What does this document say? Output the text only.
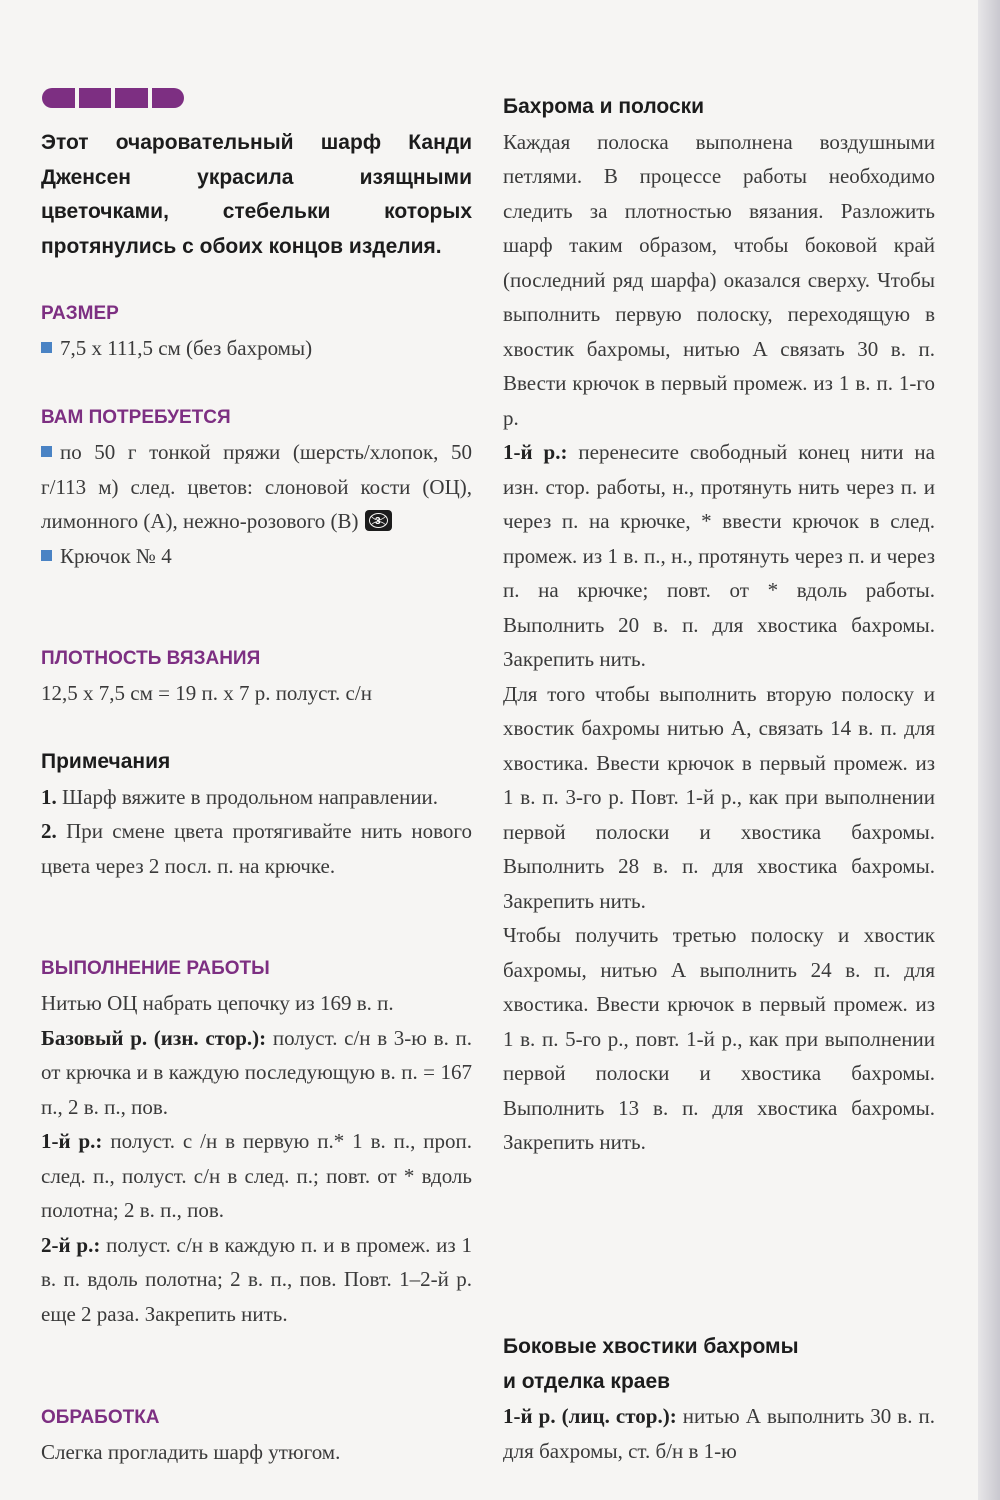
Этот очаровательный шарф Канди Дженсен украсила изящными цветочками, стебельки которых протянулись с обоих концов изделия.

РАЗМЕР

7,5 х 111,5 см (без бахромы)

ВАМ ПОТРЕБУЕТСЯ

по 50 г тонкой пряжи (шерсть/хлопок, 50 г/113 м) след. цветов: слоновой кости (ОЦ), лимонного (А), нежно-розового (В) 3

Крючок № 4

ПЛОТНОСТЬ ВЯЗАНИЯ

12,5 х 7,5 см = 19 п. х 7 р. полуст. с/н

Примечания

1. Шарф вяжите в продольном направлении.

2. При смене цвета протягивайте нить нового цвета через 2 посл. п. на крючке.

ВЫПОЛНЕНИЕ РАБОТЫ

Нитью ОЦ набрать цепочку из 169 в. п.

Базовый р. (изн. стор.): полуст. с/н в 3-ю в. п. от крючка и в каждую последующую в. п. = 167 п., 2 в. п., пов.

1-й р.: полуст. с /н в первую п.* 1 в. п., проп. след. п., полуст. с/н в след. п.; повт. от * вдоль полотна; 2 в. п., пов.

2-й р.: полуст. с/н в каждую п. и в промеж. из 1 в. п. вдоль полотна; 2 в. п., пов. Повт. 1–2-й р. еще 2 раза. Закрепить нить.

ОБРАБОТКА

Слегка прогладить шарф утюгом.

Бахрома и полоски

Каждая полоска выполнена воздушными петлями. В процессе работы необходимо следить за плотностью вязания. Разложить шарф таким образом, чтобы боковой край (последний ряд шарфа) оказался сверху. Чтобы выполнить первую полоску, переходящую в хвостик бахромы, нитью А связать 30 в. п. Ввести крючок в первый промеж. из 1 в. п. 1-го р.

1-й р.: перенесите свободный конец нити на изн. стор. работы, н., протянуть нить через п. и через п. на крючке, * ввести крючок в след. промеж. из 1 в. п., н., протянуть через п. и через п. на крючке; повт. от * вдоль работы. Выполнить 20 в. п. для хвостика бахромы. Закрепить нить.

Для того чтобы выполнить вторую полоску и хвостик бахромы нитью А, связать 14 в. п. для хвостика. Ввести крючок в первый промеж. из 1 в. п. 3-го р. Повт. 1-й р., как при выполнении первой полоски и хвостика бахромы. Выполнить 28 в. п. для хвостика бахромы. Закрепить нить.

Чтобы получить третью полоску и хвостик бахромы, нитью А выполнить 24 в. п. для хвостика. Ввести крючок в первый промеж. из 1 в. п. 5-го р., повт. 1-й р., как при выполнении первой полоски и хвостика бахромы. Выполнить 13 в. п. для хвостика бахромы. Закрепить нить.

Боковые хвостики бахромы
и отделка краев

1-й р. (лиц. стор.): нитью А выполнить 30 в. п. для бахромы, ст. б/н в 1-ю
